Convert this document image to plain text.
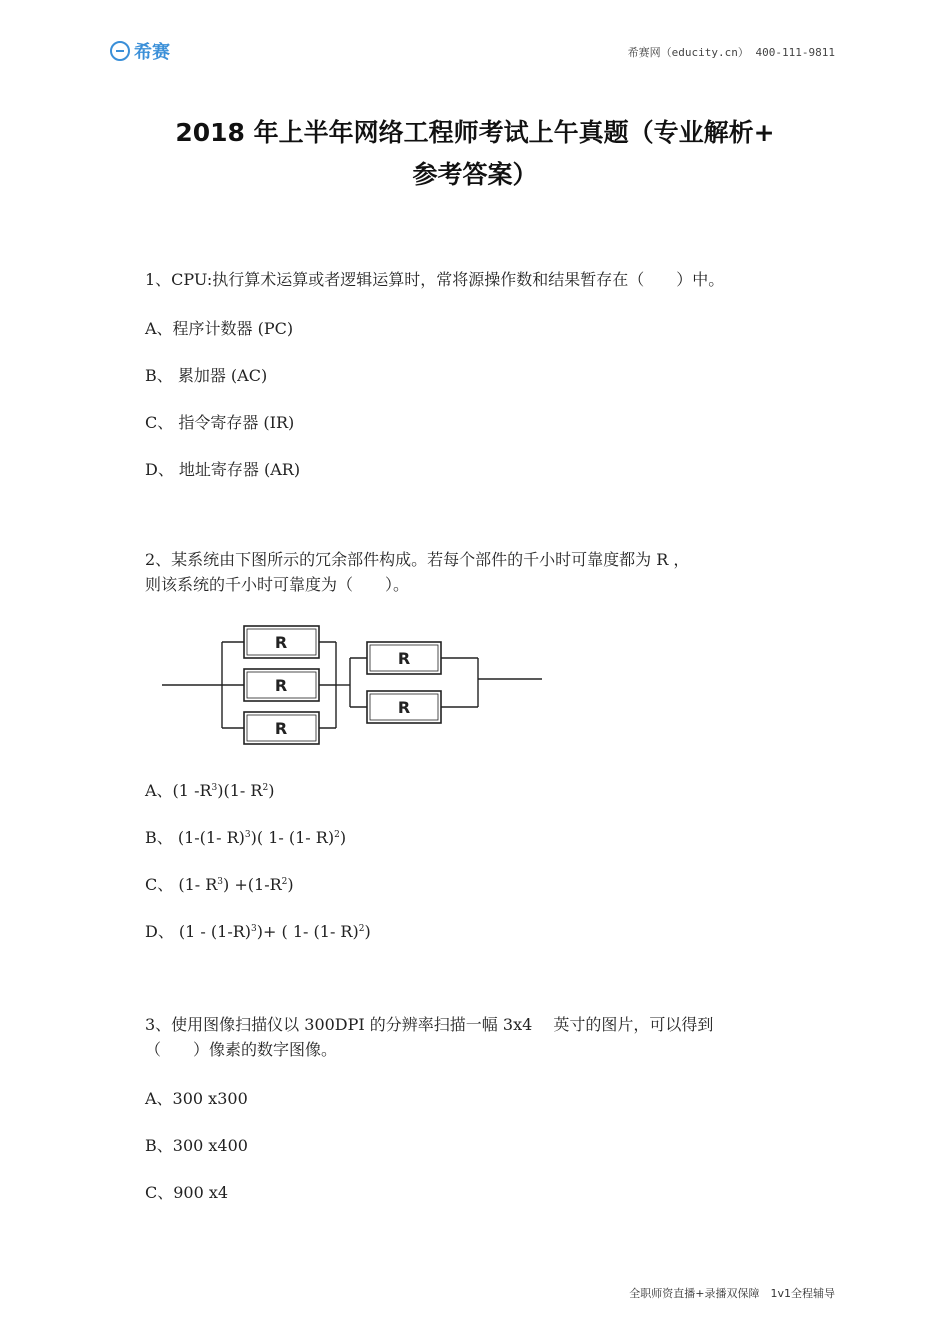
希赛	希赛网（educity.cn） 400-111-9811
2018 年上半年网络工程师考试上午真题（专业解析+
参考答案）
1、CPU:执行算术运算或者逻辑运算时，常将源操作数和结果暂存在（　　）中。
A、程序计数器 (PC)
B、 累加器 (AC)
C、 指令寄存器 (IR)
D、 地址寄存器 (AR)
2、某系统由下图所示的冗余部件构成。若每个部件的千小时可靠度都为 R ，
则该系统的千小时可靠度为（　　）。
R
R
R
R
R
A、(1 $-R^3)(1-$ $R^2$)
B、 (1-(1- R)$^3$)( 1- (1- R)$^2$)
C、 (1- $R^3) +(1-R^2)$
D、 $(1 - (1-R)^3)+$ ( 1- (1- R)$^2$)
3、使用图像扫描仪以 300DPI 的分辨率扫描一幅 3x4　 英寸的图片，可以得到
（　　）像素的数字图像。
A、300 x300
B、300 x400
C、900 x4
全职师资直播+录播双保障　1v1全程辅导
